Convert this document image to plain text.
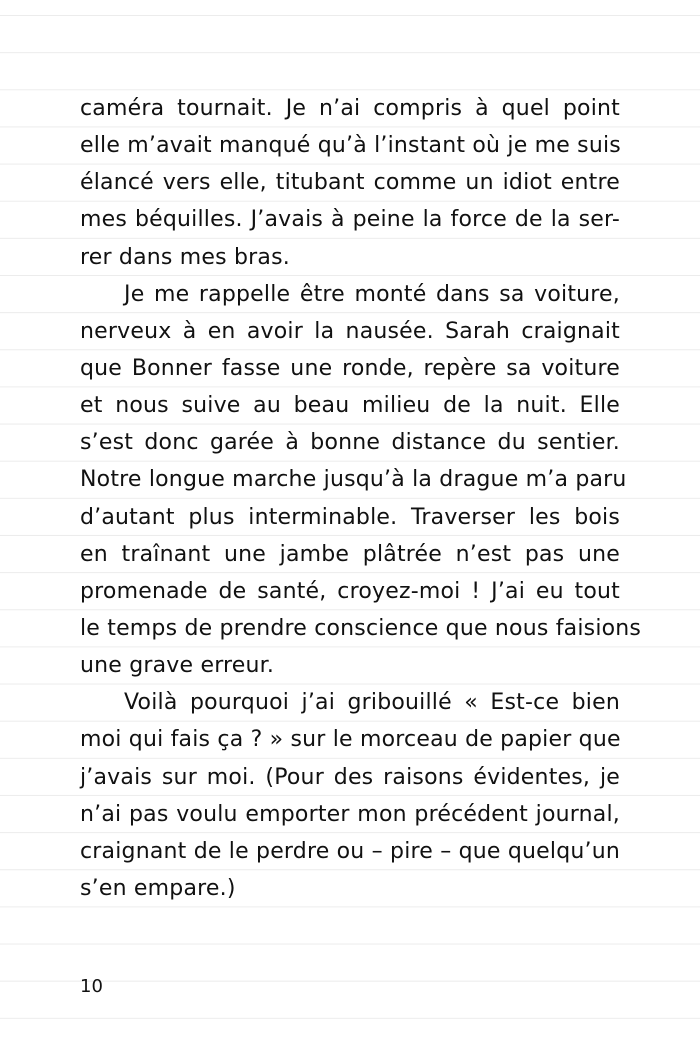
caméra tournait. Je n’ai compris à quel point
elle m’avait manqué qu’à l’instant où je me suis
élancé vers elle, titubant comme un idiot entre
mes béquilles. J’avais à peine la force de la ser-
rer dans mes bras.
Je me rappelle être monté dans sa voiture,
nerveux à en avoir la nausée. Sarah craignait
que Bonner fasse une ronde, repère sa voiture
et nous suive au beau milieu de la nuit. Elle
s’est donc garée à bonne distance du sentier.
Notre longue marche jusqu’à la drague m’a paru
d’autant plus interminable. Traverser les bois
en traînant une jambe plâtrée n’est pas une
promenade de santé, croyez-moi ! J’ai eu tout
le temps de prendre conscience que nous faisions
une grave erreur.
Voilà pourquoi j’ai gribouillé « Est-ce bien
moi qui fais ça ? » sur le morceau de papier que
j’avais sur moi. (Pour des raisons évidentes, je
n’ai pas voulu emporter mon précédent journal,
craignant de le perdre ou – pire – que quelqu’un
s’en empare.)
10
